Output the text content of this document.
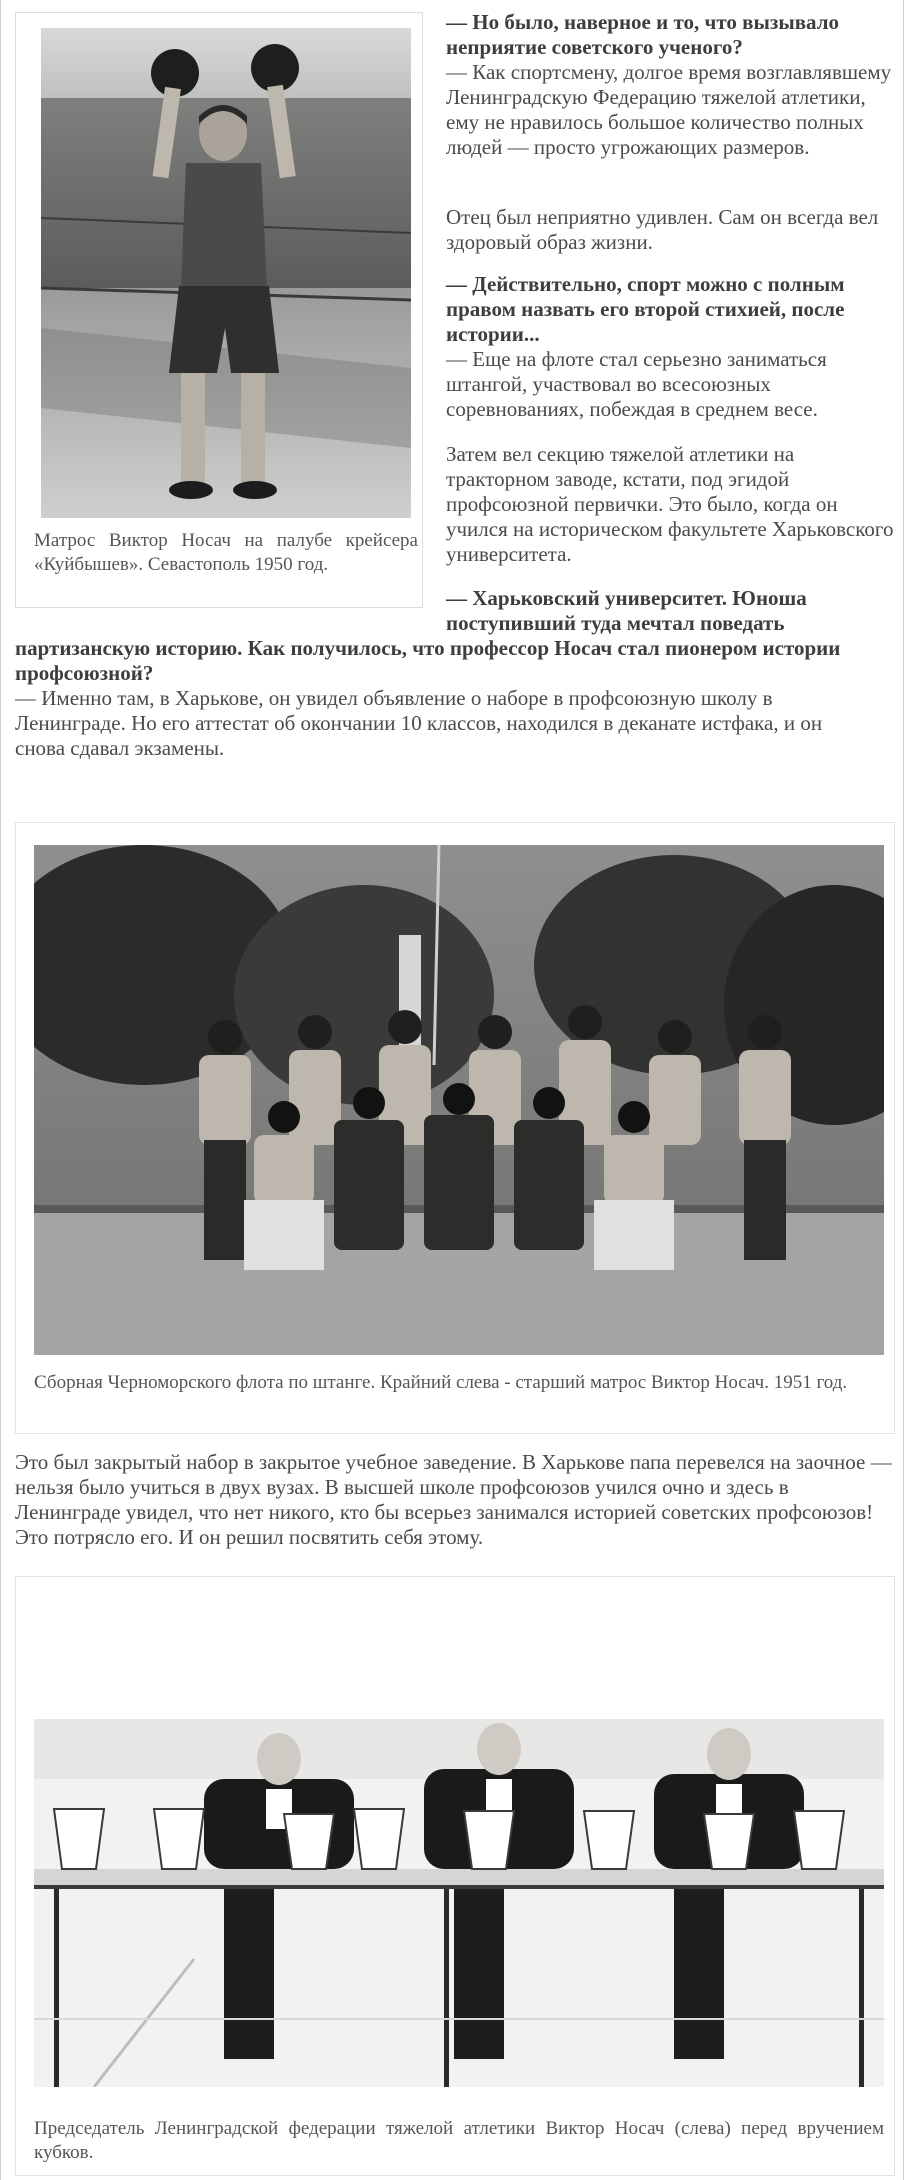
Матрос Виктор Носач на палубе крейсера «Куйбышев». Севастополь 1950 год.
— Но было, наверное и то, что вызывало неприятие советского ученого?
— Как спортсмену, долгое время возглавлявшему Ленинградскую Федерацию тяжелой атлетики, ему не нравилось большое количество полных людей — просто угрожающих размеров.

Отец был неприятно удивлен. Сам он всегда вел здоровый образ жизни.

— Действительно, спорт можно с полным правом назвать его второй стихией, после истории...
— Еще на флоте стал серьезно заниматься штангой, участвовал во всесоюзных соревнованиях, побеждая в среднем весе.

Затем вел секцию тяжелой атлетики на тракторном заводе, кстати, под эгидой профсоюзной первички. Это было, когда он учился на историческом факультете Харьковского университета.

— Харьковский университет. Юноша
поступивший туда мечтал поведать
партизанскую историю. Как получилось, что профессор Носач стал пионером истории профсоюзной?
— Именно там, в Харькове, он увидел объявление о наборе в профсоюзную школу в Ленинграде. Но его аттестат об окончании 10 классов, находился в деканате истфака, и он снова сдавал экзамены.
Сборная Черноморского флота по штанге. Крайний слева - старший матрос Виктор Носач. 1951 год.

Это был закрытый набор в закрытое учебное заведение. В Харькове папа перевелся на заочное — нельзя было учиться в двух вузах. В высшей школе профсоюзов учился очно и здесь в Ленинграде увидел, что нет никого, кто бы всерьез занимался историей советских профсоюзов! Это потрясло его. И он решил посвятить себя этому.

Председатель Ленинградской федерации тяжелой атлетики Виктор Носач (слева) перед вручением кубков.
